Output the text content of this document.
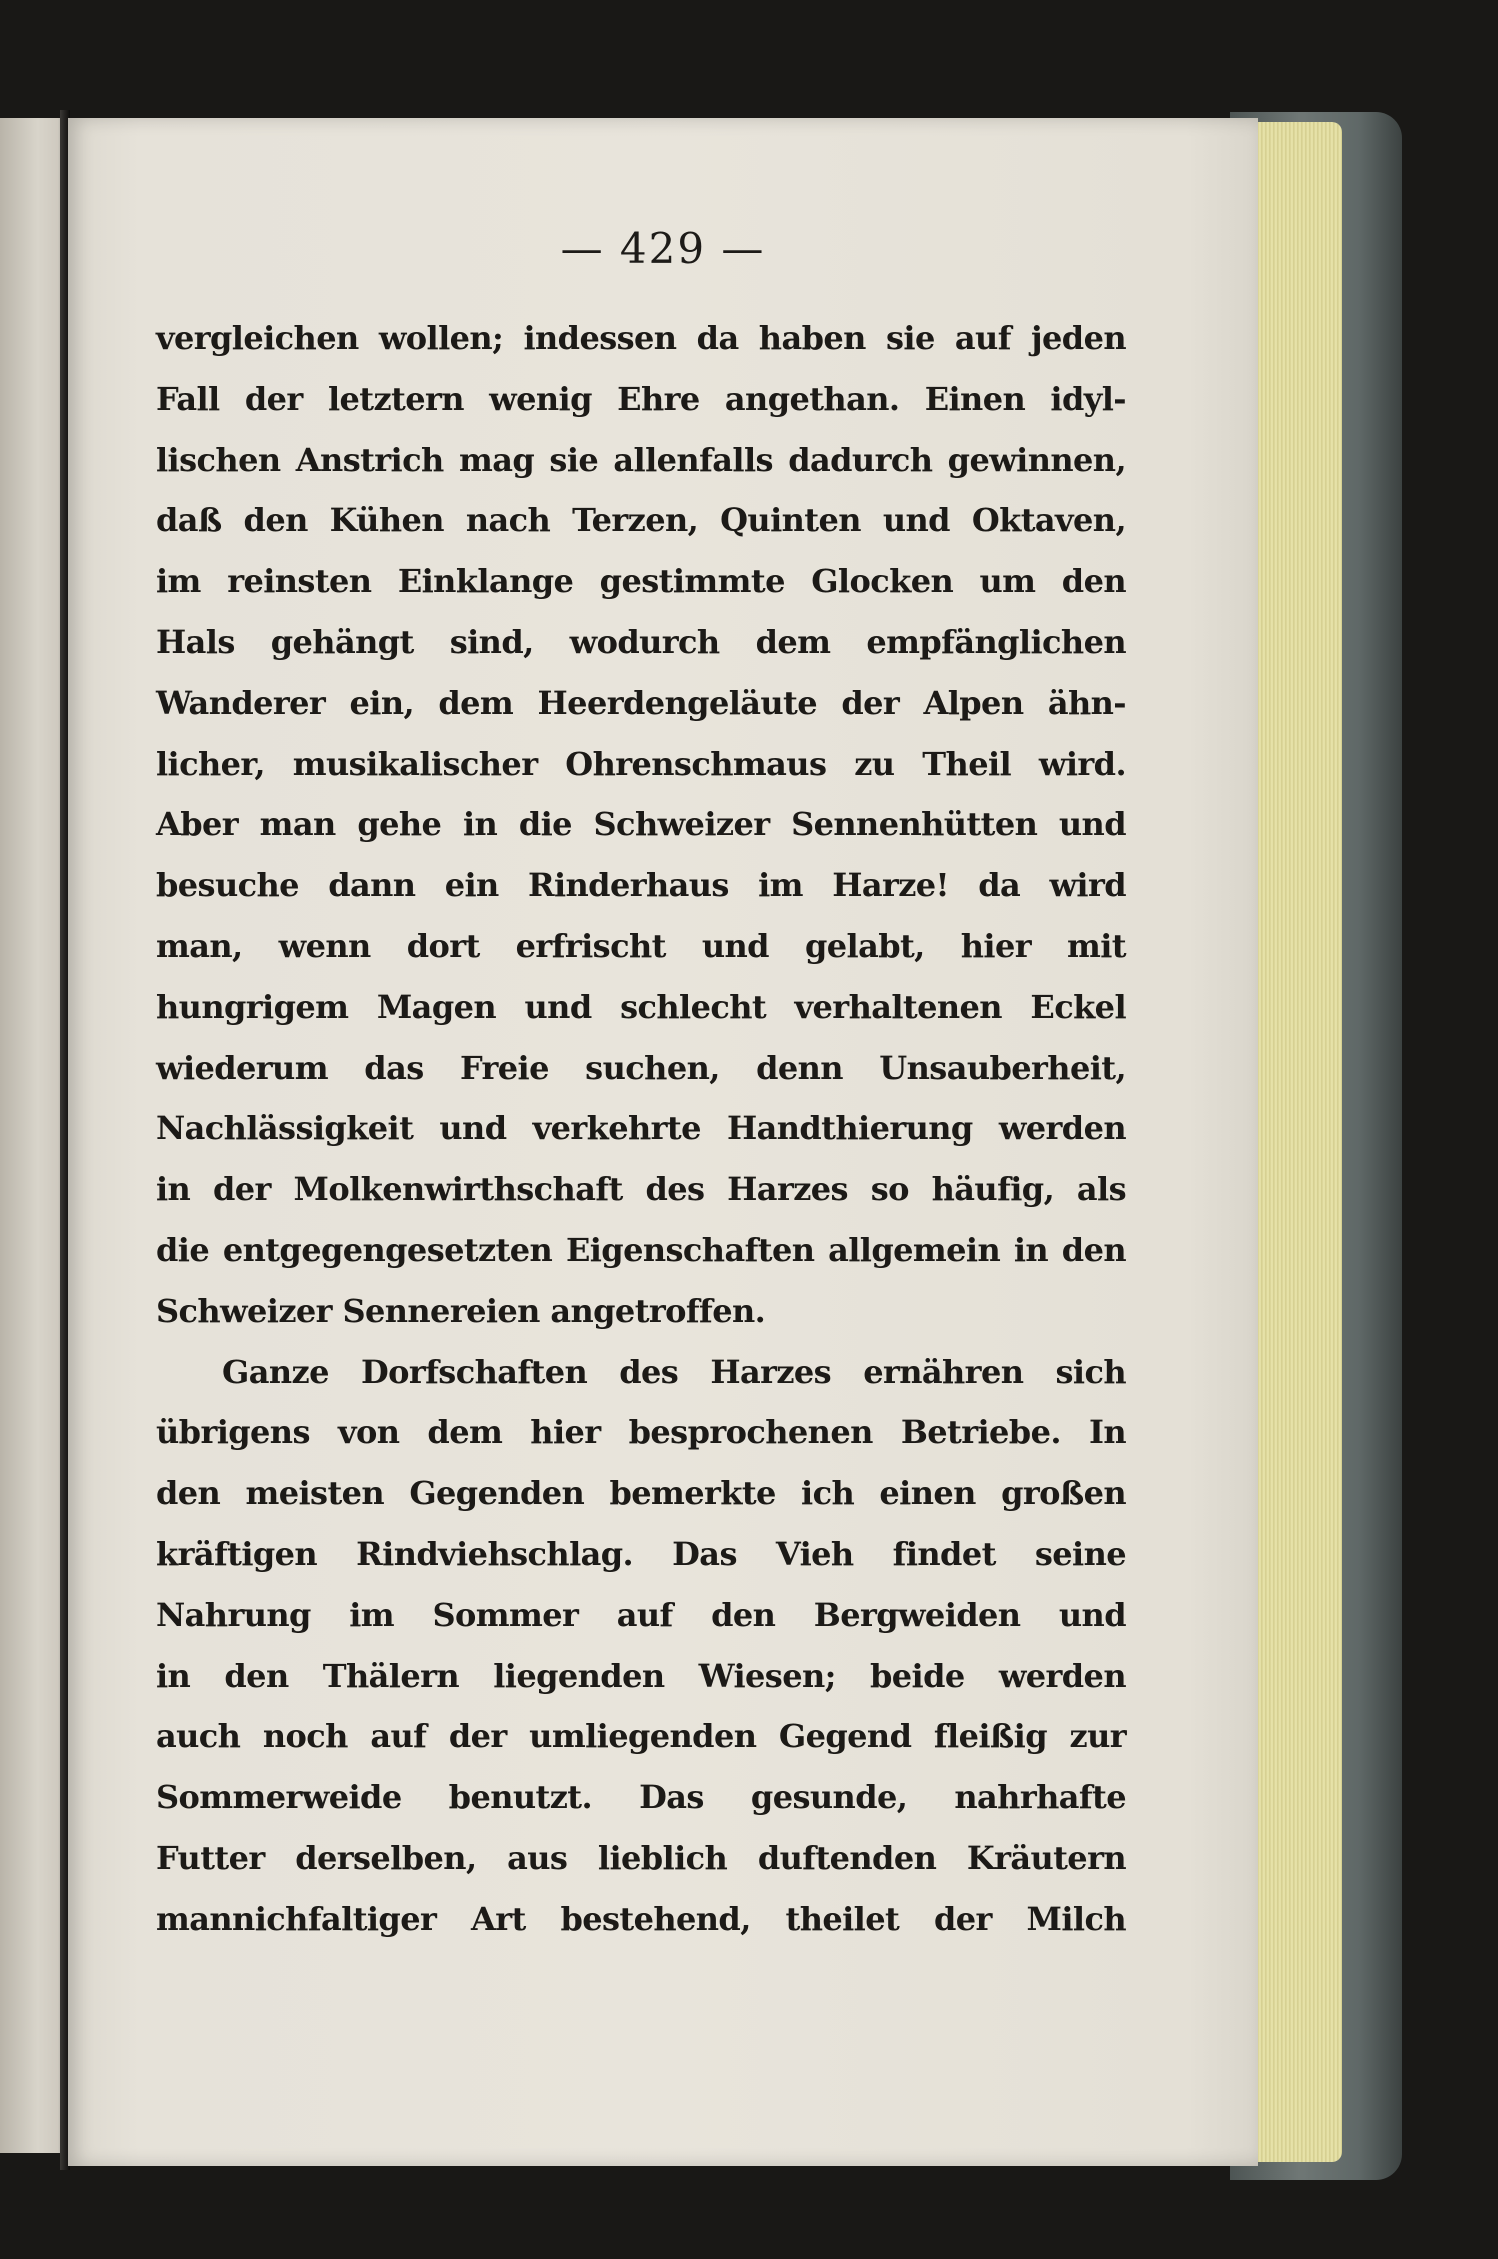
— 429 —
vergleichen wollen; indessen da haben sie auf jeden
Fall der letztern wenig Ehre angethan. Einen idyl-
lischen Anstrich mag sie allenfalls dadurch gewinnen,
daß den Kühen nach Terzen, Quinten und Oktaven,
im reinsten Einklange gestimmte Glocken um den
Hals gehängt sind, wodurch dem empfänglichen
Wanderer ein, dem Heerdengeläute der Alpen ähn-
licher, musikalischer Ohrenschmaus zu Theil wird.
Aber man gehe in die Schweizer Sennenhütten und
besuche dann ein Rinderhaus im Harze! da wird
man, wenn dort erfrischt und gelabt, hier mit
hungrigem Magen und schlecht verhaltenen Eckel
wiederum das Freie suchen, denn Unsauberheit,
Nachlässigkeit und verkehrte Handthierung werden
in der Molkenwirthschaft des Harzes so häufig, als
die entgegengesetzten Eigenschaften allgemein in den
Schweizer Sennereien angetroffen.
Ganze Dorfschaften des Harzes ernähren sich
übrigens von dem hier besprochenen Betriebe. In
den meisten Gegenden bemerkte ich einen großen
kräftigen Rindviehschlag. Das Vieh findet seine
Nahrung im Sommer auf den Bergweiden und
in den Thälern liegenden Wiesen; beide werden
auch noch auf der umliegenden Gegend fleißig zur
Sommerweide benutzt. Das gesunde, nahrhafte
Futter derselben, aus lieblich duftenden Kräutern
mannichfaltiger Art bestehend, theilet der Milch
